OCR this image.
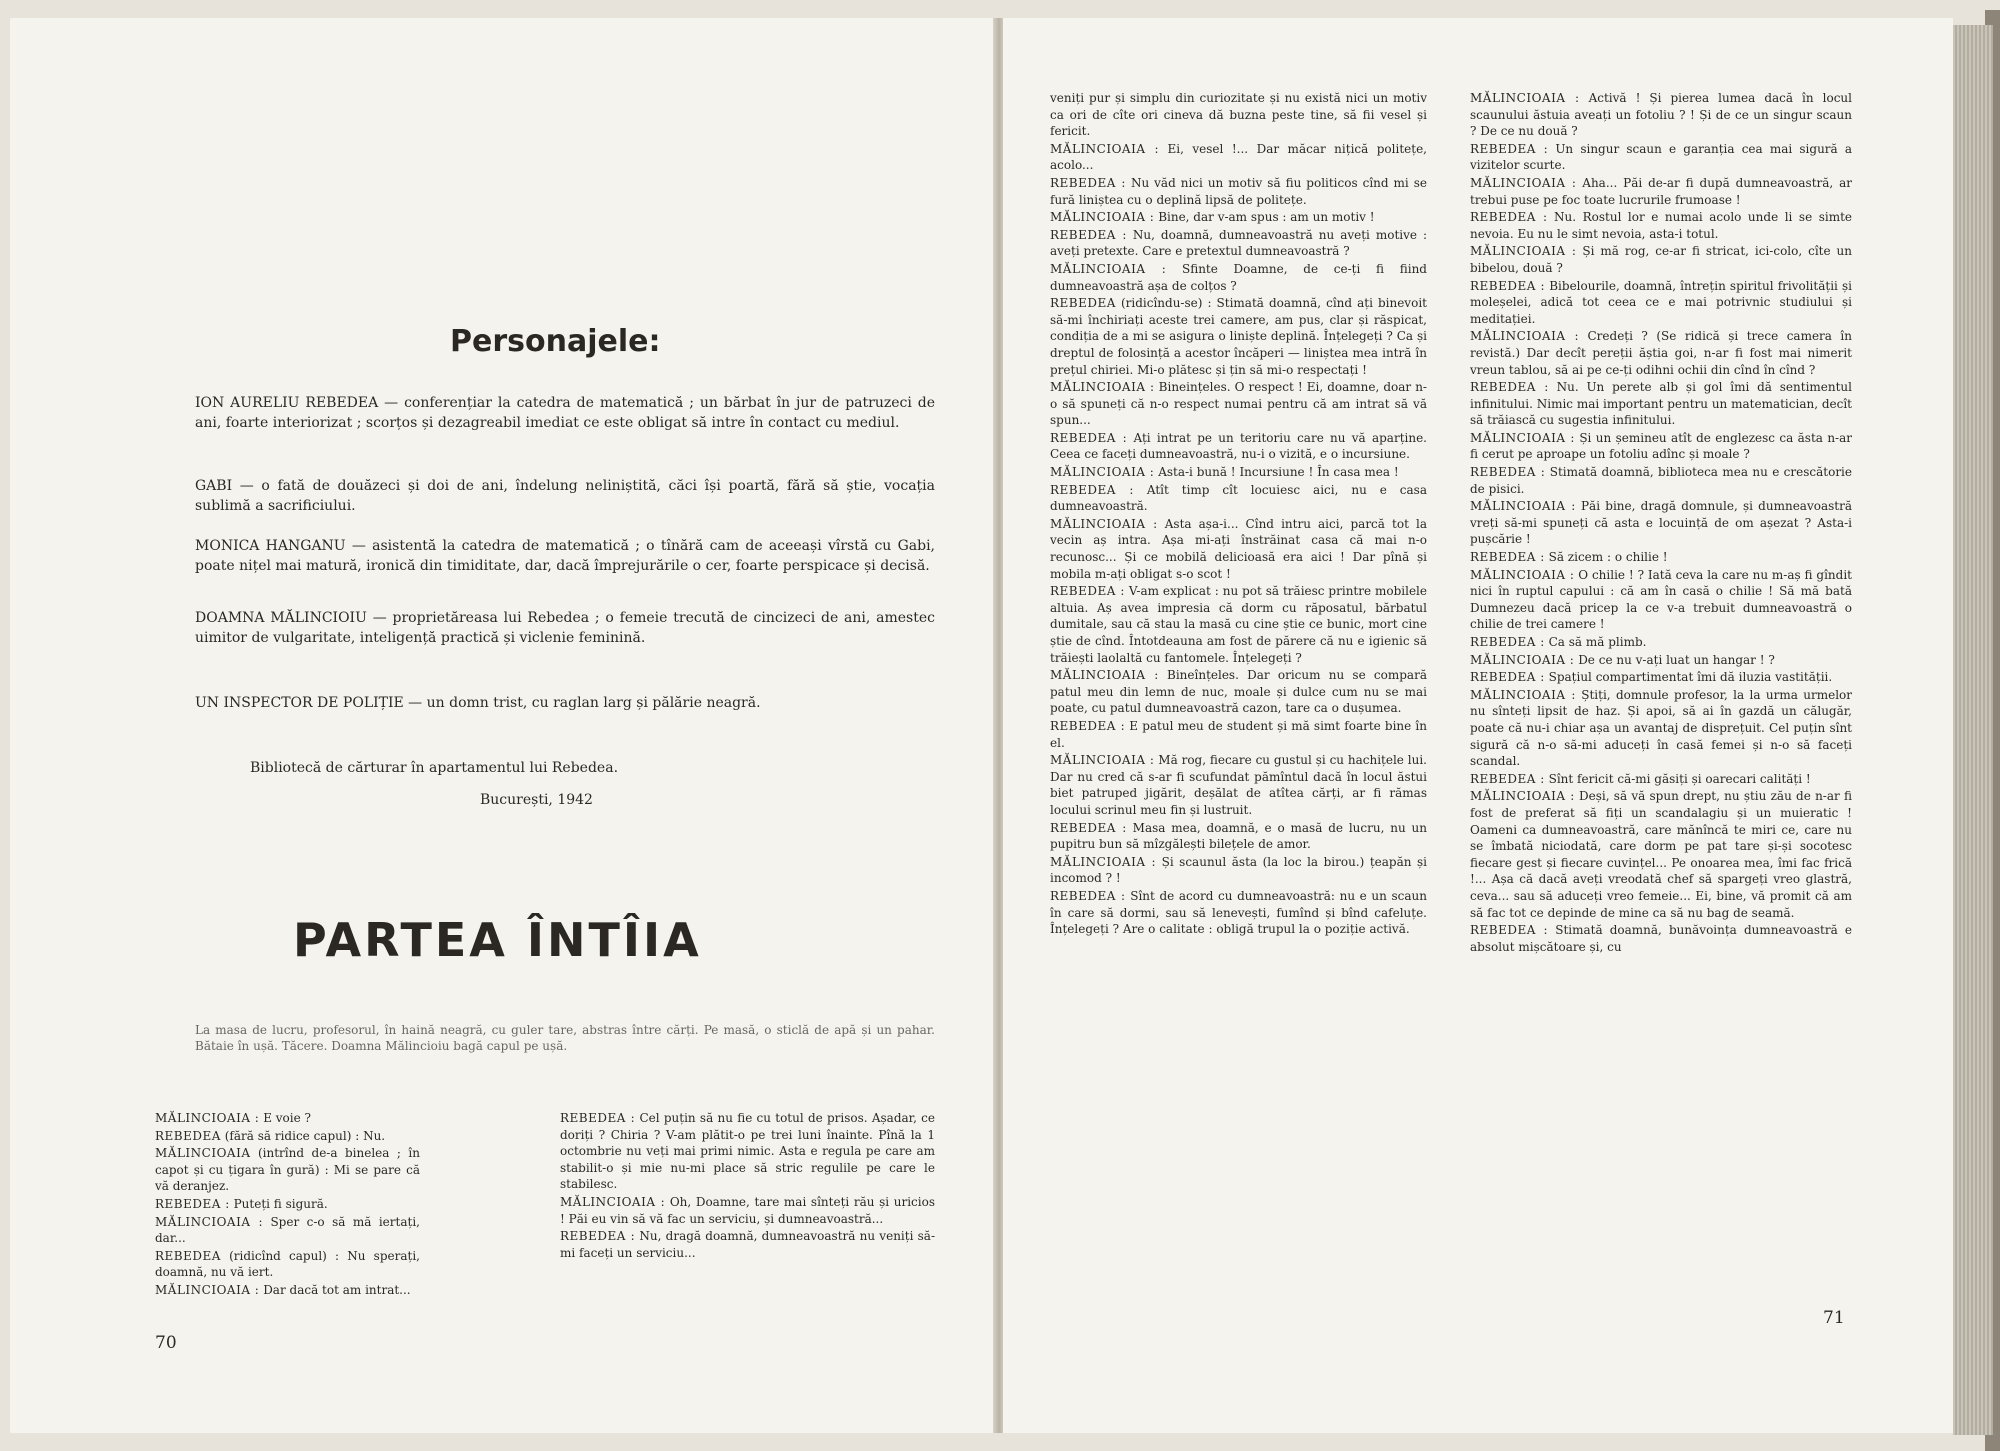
Personajele:
ION AURELIU REBEDEA — conferențiar la catedra de matematică ; un bărbat în jur de patruzeci de ani, foarte interiorizat ; scorțos și dezagreabil imediat ce este obligat să intre în contact cu mediul.
GABI — o fată de douăzeci și doi de ani, îndelung neliniștită, căci își poartă, fără să știe, vocația sublimă a sacrificiului.
MONICA HANGANU — asistentă la catedra de matematică ; o tînără cam de aceeași vîrstă cu Gabi, poate nițel mai matură, ironică din timiditate, dar, dacă împrejurările o cer, foarte perspicace și decisă.
DOAMNA MĂLINCIOIU — proprietăreasa lui Rebedea ; o femeie trecută de cincizeci de ani, amestec uimitor de vulgaritate, inteligență practică și viclenie feminină.
UN INSPECTOR DE POLIȚIE — un domn trist, cu raglan larg și pălărie neagră.
Bibliotecă de cărturar în apartamentul lui Rebedea.
București, 1942
PARTEA ÎNTÎIA
La masa de lucru, profesorul, în haină neagră, cu guler tare, abstras între cărți. Pe masă, o sticlă de apă și un pahar. Bătaie în ușă. Tăcere. Doamna Mălincioiu bagă capul pe ușă.

MĂLINCIOAIA : E voie ?

REBEDEA (fără să ridice capul) : Nu.

MĂLINCIOAIA (intrînd de-a binelea ; în capot și cu țigara în gură) : Mi se pare că vă deranjez.

REBEDEA : Puteți fi sigură.

MĂLINCIOAIA : Sper c-o să mă iertați, dar...

REBEDEA (ridicînd capul) : Nu sperați, doamnă, nu vă iert.

MĂLINCIOAIA : Dar dacă tot am intrat...

REBEDEA : Cel puțin să nu fie cu totul de prisos. Așadar, ce doriți ? Chiria ? V-am plătit-o pe trei luni înainte. Pînă la 1 octombrie nu veți mai primi nimic. Asta e regula pe care am stabilit-o și mie nu-mi place să stric regulile pe care le stabilesc.

MĂLINCIOAIA : Oh, Doamne, tare mai sînteți rău și uricios ! Păi eu vin să vă fac un serviciu, și dumneavoastră...

REBEDEA : Nu, dragă doamnă, dumneavoastră nu veniți să-mi faceți un serviciu...

70

veniți pur și simplu din curiozitate și nu există nici un motiv ca ori de cîte ori cineva dă buzna peste tine, să fii vesel și fericit.

MĂLINCIOAIA : Ei, vesel !... Dar măcar nițică politețe, acolo...

REBEDEA : Nu văd nici un motiv să fiu politicos cînd mi se fură liniștea cu o deplină lipsă de politețe.

MĂLINCIOAIA : Bine, dar v-am spus : am un motiv !

REBEDEA : Nu, doamnă, dumneavoastră nu aveți motive : aveți pretexte. Care e pretextul dumneavoastră ?

MĂLINCIOAIA : Sfinte Doamne, de ce-ți fi fiind dumneavoastră așa de colțos ?

REBEDEA (ridicîndu-se) : Stimată doamnă, cînd ați binevoit să-mi închiriați aceste trei camere, am pus, clar și răspicat, condiția de a mi se asigura o liniște deplină. Înțelegeți ? Ca și dreptul de folosință a acestor încăperi — liniștea mea intră în prețul chiriei. Mi-o plătesc și țin să mi-o respectați !

MĂLINCIOAIA : Bineințeles. O respect ! Ei, doamne, doar n-o să spuneți că n-o respect numai pentru că am intrat să vă spun...

REBEDEA : Ați intrat pe un teritoriu care nu vă aparține. Ceea ce faceți dumneavoastră, nu-i o vizită, e o incursiune.

MĂLINCIOAIA : Asta-i bună ! Incursiune ! În casa mea !

REBEDEA : Atît timp cît locuiesc aici, nu e casa dumneavoastră.

MĂLINCIOAIA : Asta așa-i... Cînd intru aici, parcă tot la vecin aș intra. Așa mi-ați înstrăinat casa că mai n-o recunosc... Și ce mobilă delicioasă era aici ! Dar pînă și mobila m-ați obligat s-o scot !

REBEDEA : V-am explicat : nu pot să trăiesc printre mobilele altuia. Aș avea impresia că dorm cu răposatul, bărbatul dumitale, sau că stau la masă cu cine știe ce bunic, mort cine știe de cînd. Întotdeauna am fost de părere că nu e igienic să trăiești laolaltă cu fantomele. Înțelegeți ?

MĂLINCIOAIA : Bineînțeles. Dar oricum nu se compară patul meu din lemn de nuc, moale și dulce cum nu se mai poate, cu patul dumneavoastră cazon, tare ca o dușumea.

REBEDEA : E patul meu de student și mă simt foarte bine în el.

MĂLINCIOAIA : Mă rog, fiecare cu gustul și cu hachițele lui. Dar nu cred că s-ar fi scufundat pămîntul dacă în locul ăstui biet patruped jigărit, deșălat de atîtea cărți, ar fi rămas locului scrinul meu fin și lustruit.

REBEDEA : Masa mea, doamnă, e o masă de lucru, nu un pupitru bun să mîzgălești bilețele de amor.

MĂLINCIOAIA : Și scaunul ăsta (la loc la birou.) țeapăn și incomod ? !

REBEDEA : Sînt de acord cu dumneavoastră: nu e un scaun în care să dormi, sau să lenevești, fumînd și bînd cafeluțe. Înțelegeți ? Are o calitate : obligă trupul la o poziție activă.

MĂLINCIOAIA : Activă ! Și pierea lumea dacă în locul scaunului ăstuia aveați un fotoliu ? ! Și de ce un singur scaun ? De ce nu două ?

REBEDEA : Un singur scaun e garanția cea mai sigură a vizitelor scurte.

MĂLINCIOAIA : Aha... Păi de-ar fi după dumneavoastră, ar trebui puse pe foc toate lucrurile frumoase !

REBEDEA : Nu. Rostul lor e numai acolo unde li se simte nevoia. Eu nu le simt nevoia, asta-i totul.

MĂLINCIOAIA : Și mă rog, ce-ar fi stricat, ici-colo, cîte un bibelou, două ?

REBEDEA : Bibelourile, doamnă, întrețin spiritul frivolității și moleșelei, adică tot ceea ce e mai potrivnic studiului și meditației.

MĂLINCIOAIA : Credeți ? (Se ridică și trece camera în revistă.) Dar decît pereții ăștia goi, n-ar fi fost mai nimerit vreun tablou, să ai pe ce-ți odihni ochii din cînd în cînd ?

REBEDEA : Nu. Un perete alb și gol îmi dă sentimentul infinitului. Nimic mai important pentru un matematician, decît să trăiască cu sugestia infinitului.

MĂLINCIOAIA : Și un șemineu atît de englezesc ca ăsta n-ar fi cerut pe aproape un fotoliu adînc și moale ?

REBEDEA : Stimată doamnă, biblioteca mea nu e crescătorie de pisici.

MĂLINCIOAIA : Păi bine, dragă domnule, și dumneavoastră vreți să-mi spuneți că asta e locuință de om așezat ? Asta-i pușcărie !

REBEDEA : Să zicem : o chilie !

MĂLINCIOAIA : O chilie ! ? Iată ceva la care nu m-aș fi gîndit nici în ruptul capului : că am în casă o chilie ! Să mă bată Dumnezeu dacă pricep la ce v-a trebuit dumneavoastră o chilie de trei camere !

REBEDEA : Ca să mă plimb.

MĂLINCIOAIA : De ce nu v-ați luat un hangar ! ?

REBEDEA : Spațiul compartimentat îmi dă iluzia vastității.

MĂLINCIOAIA : Știți, domnule profesor, la la urma urmelor nu sînteți lipsit de haz. Și apoi, să ai în gazdă un călugăr, poate că nu-i chiar așa un avantaj de disprețuit. Cel puțin sînt sigură că n-o să-mi aduceți în casă femei și n-o să faceți scandal.

REBEDEA : Sînt fericit că-mi găsiți și oarecari calități !

MĂLINCIOAIA : Deși, să vă spun drept, nu știu zău de n-ar fi fost de preferat să fiți un scandalagiu și un muieratic ! Oameni ca dumneavoastră, care mănîncă te miri ce, care nu se îmbată niciodată, care dorm pe pat tare și-și socotesc fiecare gest și fiecare cuvințel... Pe onoarea mea, îmi fac frică !... Așa că dacă aveți vreodată chef să spargeți vreo glastră, ceva... sau să aduceți vreo femeie... Ei, bine, vă promit că am să fac tot ce depinde de mine ca să nu bag de seamă.

REBEDEA : Stimată doamnă, bunăvoința dumneavoastră e absolut mișcătoare și, cu

71
